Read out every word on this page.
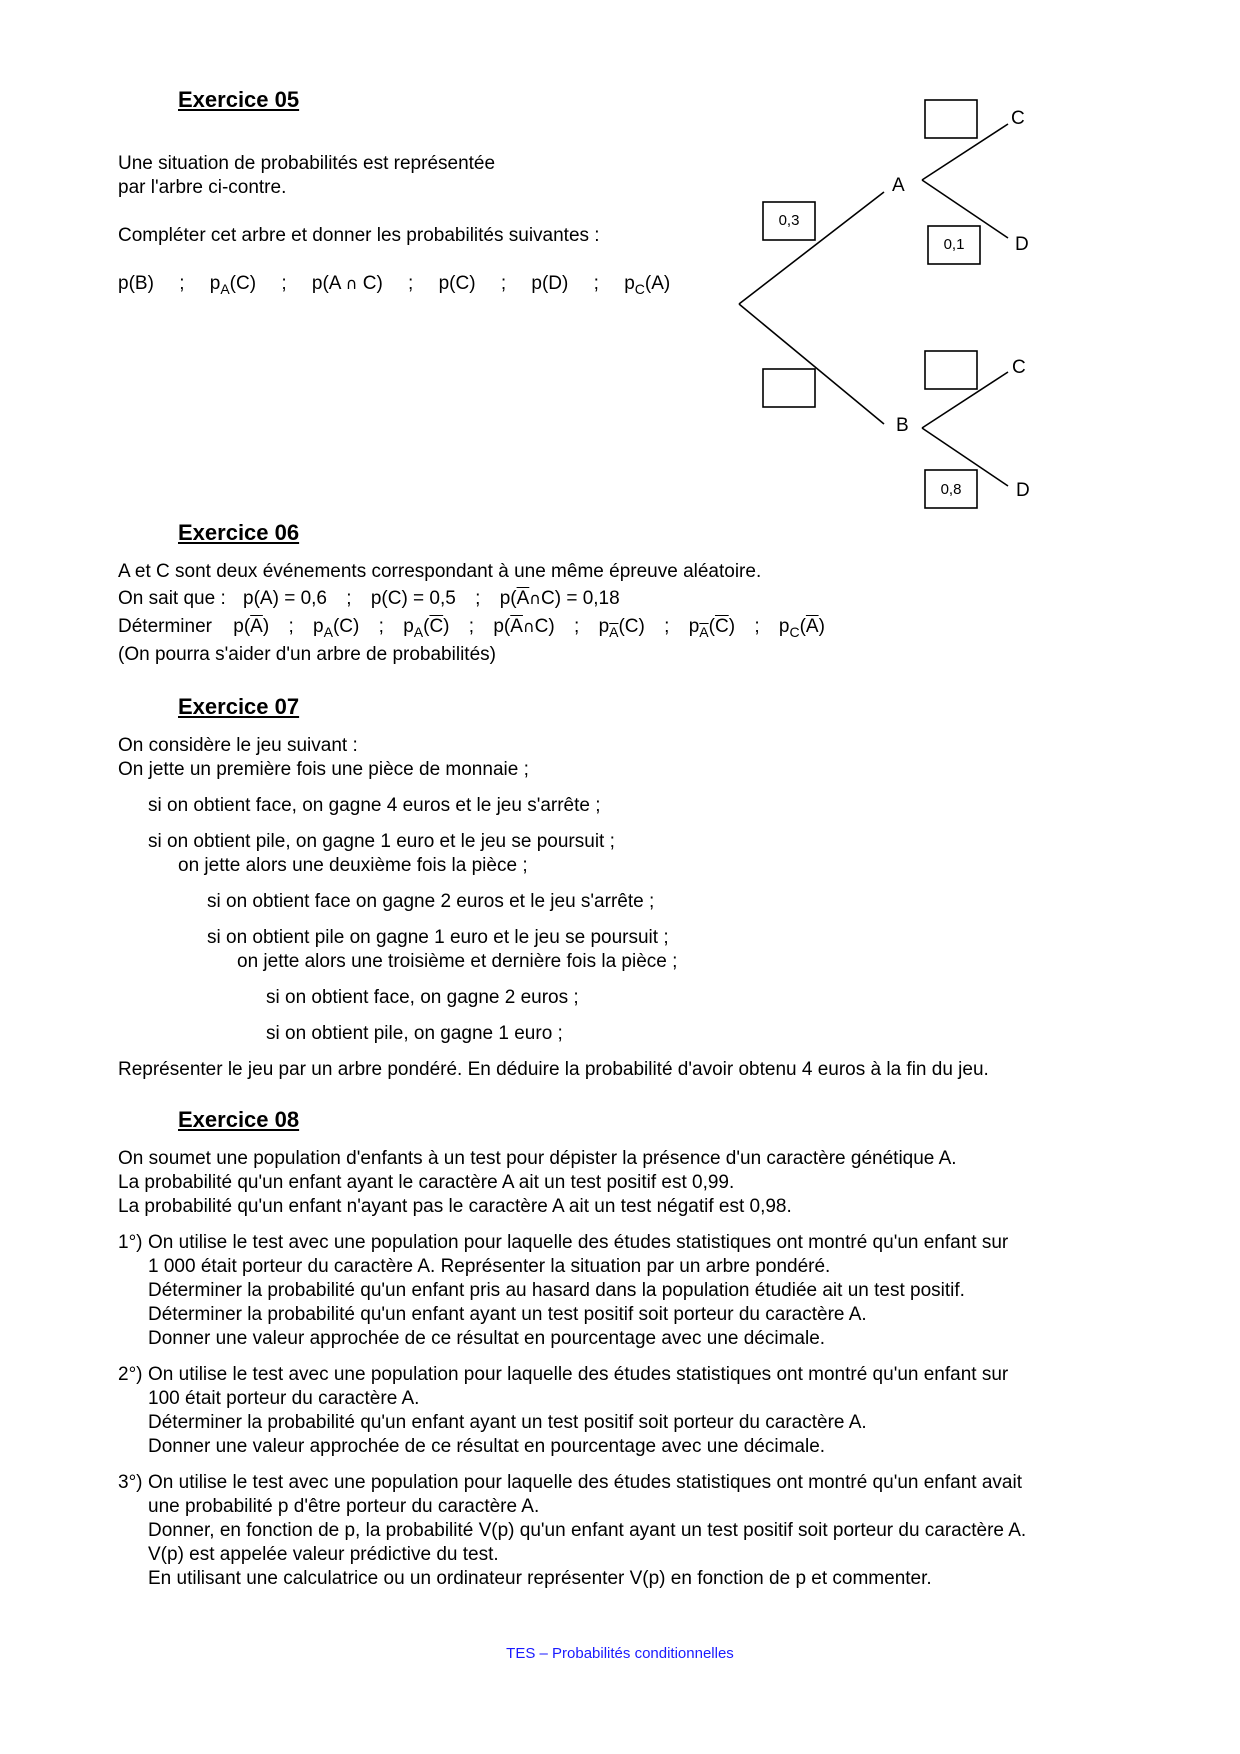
Exercice 05
Une situation de probabilités est représentée
par l'arbre ci-contre.
Compléter cet arbre et donner les probabilités suivantes :
p(B) ; $p_A(C)$ ; p(A ∩ C) ; p(C) ; p(D) ; $p_C(A)$
A
B
C
D
C
D
0,3
0,1
0,8
Exercice 06
A et C sont deux événements correspondant à une même épreuve aléatoire.
On sait que : p(A) = 0,6 ; p(C) = 0,5 ; $p(\overline{A}\cap C) = 0,18$
Déterminer $p(\overline{A})$ ; $p_A(C)$ ; $p_A(\overline{C})$ ; $p(\overline{A}\cap C)$ ; $p_{\overline{A}}(C)$ ; $p_{\overline{A}}(\overline{C})$ ; $p_C(\overline{A})$
(On pourra s'aider d'un arbre de probabilités)
Exercice 07
On considère le jeu suivant :
On jette un première fois une pièce de monnaie ;
si on obtient face, on gagne 4 euros et le jeu s'arrête ;
si on obtient pile, on gagne 1 euro et le jeu se poursuit ;
on jette alors une deuxième fois la pièce ;
si on obtient face on gagne 2 euros et le jeu s'arrête ;
si on obtient pile on gagne 1 euro et le jeu se poursuit ;
on jette alors une troisième et dernière fois la pièce ;
si on obtient face, on gagne 2 euros ;
si on obtient pile, on gagne 1 euro ;
Représenter le jeu par un arbre pondéré. En déduire la probabilité d'avoir obtenu 4 euros à la fin du jeu.
Exercice 08
On soumet une population d'enfants à un test pour dépister la présence d'un caractère génétique A.
La probabilité qu'un enfant ayant le caractère A ait un test positif est 0,99.
La probabilité qu'un enfant n'ayant pas le caractère A ait un test négatif est 0,98.
1°) On utilise le test avec une population pour laquelle des études statistiques ont montré qu'un enfant sur
1 000 était porteur du caractère A. Représenter la situation par un arbre pondéré.
Déterminer la probabilité qu'un enfant pris au hasard dans la population étudiée ait un test positif.
Déterminer la probabilité qu'un enfant ayant un test positif soit porteur du caractère A.
Donner une valeur approchée de ce résultat en pourcentage avec une décimale.
2°) On utilise le test avec une population pour laquelle des études statistiques ont montré qu'un enfant sur
100 était porteur du caractère A.
Déterminer la probabilité qu'un enfant ayant un test positif soit porteur du caractère A.
Donner une valeur approchée de ce résultat en pourcentage avec une décimale.
3°) On utilise le test avec une population pour laquelle des études statistiques ont montré qu'un enfant avait
une probabilité p d'être porteur du caractère A.
Donner, en fonction de p, la probabilité V(p) qu'un enfant ayant un test positif soit porteur du caractère A.
V(p) est appelée valeur prédictive du test.
En utilisant une calculatrice ou un ordinateur représenter V(p) en fonction de p et commenter.
TES – Probabilités conditionnelles
